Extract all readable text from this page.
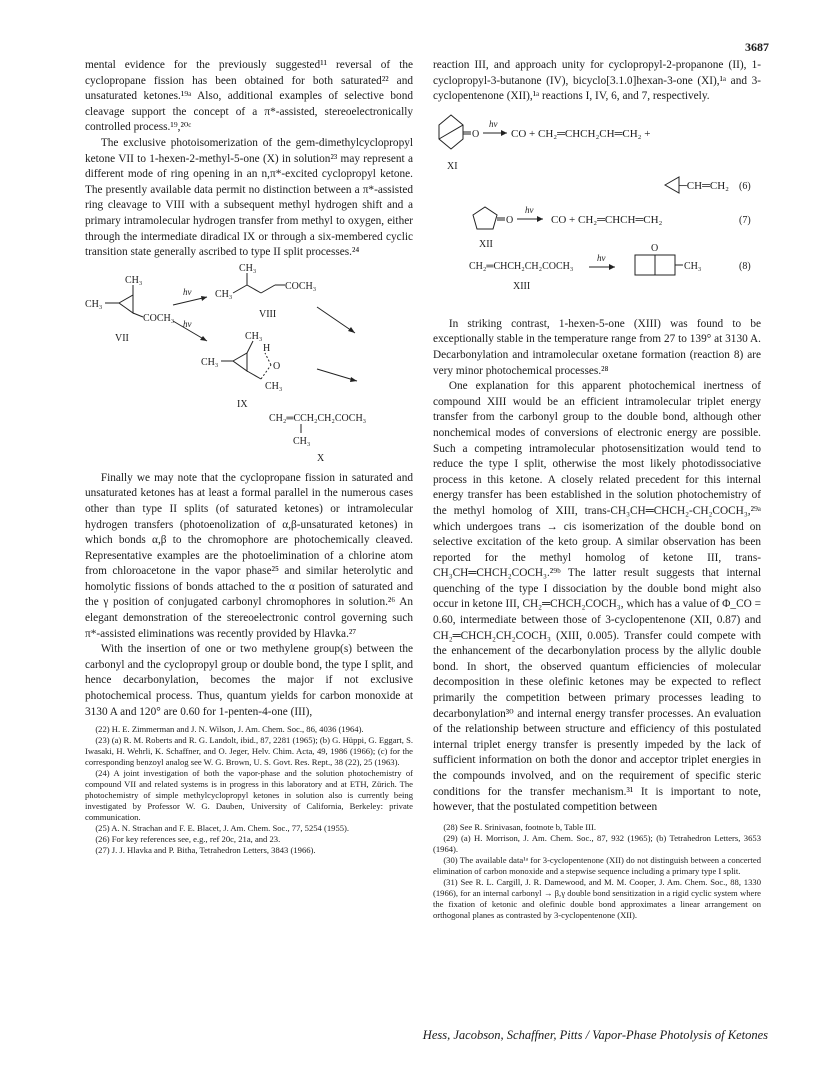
3687

mental evidence for the previously suggested¹¹ reversal of the cyclopropane fission has been obtained for both saturated²² and unsaturated ketones.¹⁹ᵃ Also, additional examples of selective bond cleavage support the concept of a π*-assisted, stereoelectronically controlled process.¹⁹,²⁰ᶜ

The exclusive photoisomerization of the gem-dimethylcyclopropyl ketone VII to 1-hexen-2-methyl-5-one (X) in solution²³ may represent a different mode of ring opening in an n,π*-excited cyclopropyl ketone. The presently available data permit no distinction between a π*-assisted ring cleavage to VIII with a subsequent methyl hydrogen shift and a primary intramolecular hydrogen transfer from methyl to oxygen, either through the intermediate diradical IX or through a six-membered cyclic transition state generally ascribed to type II split processes.²⁴

CH₃
CH₃
COCH₃
VII
hν
hν
CH₃
CH₃
COCH₃
VIII
CH₃
CH₃
H
O
CH₃
IX
CH₂═CCH₂CH₂COCH₃
CH₃
X

Finally we may note that the cyclopropane fission in saturated and unsaturated ketones has at least a formal parallel in the numerous cases other than type II splits (of saturated ketones) or intramolecular hydrogen transfers (photoenolization of α,β-unsaturated ketones) in which bonds α,β to the chromophore are photochemically cleaved. Representative examples are the photoelimination of a chlorine atom from chloroacetone in the vapor phase²⁵ and similar heterolytic and homolytic fissions of bonds attached to the α position of saturated and the γ position of conjugated carbonyl chromophores in solution.²⁶ An elegant demonstration of the stereoelectronic control governing such π*-assisted eliminations was recently provided by Hlavka.²⁷

With the insertion of one or two methylene group(s) between the carbonyl and the cyclopropyl group or double bond, the type I split, and hence decarbonylation, becomes the major if not exclusive photochemical process. Thus, quantum yields for carbon monoxide at 3130 A and 120° are 0.60 for 1-penten-4-one (III),

(22) H. E. Zimmerman and J. N. Wilson, J. Am. Chem. Soc., 86, 4036 (1964).

(23) (a) R. M. Roberts and R. G. Landolt, ibid., 87, 2281 (1965); (b) G. Hüppi, G. Eggart, S. Iwasaki, H. Wehrli, K. Schaffner, and O. Jeger, Helv. Chim. Acta, 49, 1986 (1966); (c) for the corresponding benzoyl analog see W. G. Brown, U. S. Govt. Res. Rept., 38 (22), 25 (1963).

(24) A joint investigation of both the vapor-phase and the solution photochemistry of compound VII and related systems is in progress in this laboratory and at ETH, Zürich. The photochemistry of simple methylcyclopropyl ketones in solution also is currently being investigated by Professor W. G. Dauben, University of California, Berkeley: private communication.

(25) A. N. Strachan and F. E. Blacet, J. Am. Chem. Soc., 77, 5254 (1955).

(26) For key references see, e.g., ref 20c, 21a, and 23.

(27) J. J. Hlavka and P. Bitha, Tetrahedron Letters, 3843 (1966).

reaction III, and approach unity for cyclopropyl-2-propanone (II), 1-cyclopropyl-3-butanone (IV), bicyclo[3.1.0]hexan-3-one (XI),¹ᵃ and 3-cyclopentenone (XII),¹ᵃ reactions I, IV, 6, and 7, respectively.

O
hν
CO + CH₂═CHCH₂CH═CH₂ +
XI
─CH═CH₂ (6)
O
hν
CO + CH₂═CHCH═CH₂	(7)
XII
CH₂═CHCH₂CH₂COCH₃
hν
O
CH₃	(8)
XIII

In striking contrast, 1-hexen-5-one (XIII) was found to be exceptionally stable in the temperature range from 27 to 139° at 3130 A. Decarbonylation and intramolecular oxetane formation (reaction 8) are very minor photochemical processes.²⁸

One explanation for this apparent photochemical inertness of compound XIII would be an efficient intramolecular triplet energy transfer from the carbonyl group to the double bond, although other nonchemical modes of conversions of electronic energy are possible. Such a competing intramolecular photosensitization would tend to reduce the type I split, otherwise the most likely photodissociative process in this ketone. A closely related precedent for this internal energy transfer has been established in the solution photochemistry of the methyl homolog of XIII, trans-CH₃CH═CHCH₂-CH₂COCH₃,²⁹ᵃ which undergoes trans → cis isomerization of the double bond on selective excitation of the keto group. A similar observation has been reported for the methyl homolog of ketone III, trans-CH₃CH═CHCH₂COCH₃.²⁹ᵇ The latter result suggests that internal quenching of the type I dissociation by the double bond might also occur in ketone III, CH₂═CHCH₂COCH₃, which has a value of Φ_CO = 0.60, intermediate between those of 3-cyclopentenone (XII, 0.87) and CH₂═CHCH₂CH₂COCH₃ (XIII, 0.005). Transfer could compete with the enhancement of the decarbonylation process by the allylic double bond. In short, the observed quantum efficiencies of molecular decomposition in these olefinic ketones may be expected to reflect primarily the competition between primary processes leading to decarbonylation³⁰ and internal energy transfer processes. An evaluation of the relationship between structure and efficiency of this postulated internal triplet energy transfer is presently impeded by the lack of sufficient information on both the donor and acceptor triplet energies in the compounds involved, and on the requirement of specific steric conditions for the transfer mechanism.³¹ It is important to note, however, that the postulated competition between

(28) See R. Srinivasan, footnote b, Table III.

(29) (a) H. Morrison, J. Am. Chem. Soc., 87, 932 (1965); (b) Tetrahedron Letters, 3653 (1964).

(30) The available data¹ᵃ for 3-cyclopentenone (XII) do not distinguish between a concerted elimination of carbon monoxide and a stepwise sequence including a primary type I split.

(31) See R. L. Cargill, J. R. Damewood, and M. M. Cooper, J. Am. Chem. Soc., 88, 1330 (1966), for an internal carbonyl → β,γ double bond sensitization in a rigid cyclic system where the fixation of ketonic and olefinic double bond approximates a linear arrangement on orthogonal planes as contrasted by 3-cyclopentenone (XII).

Hess, Jacobson, Schaffner, Pitts / Vapor-Phase Photolysis of Ketones
